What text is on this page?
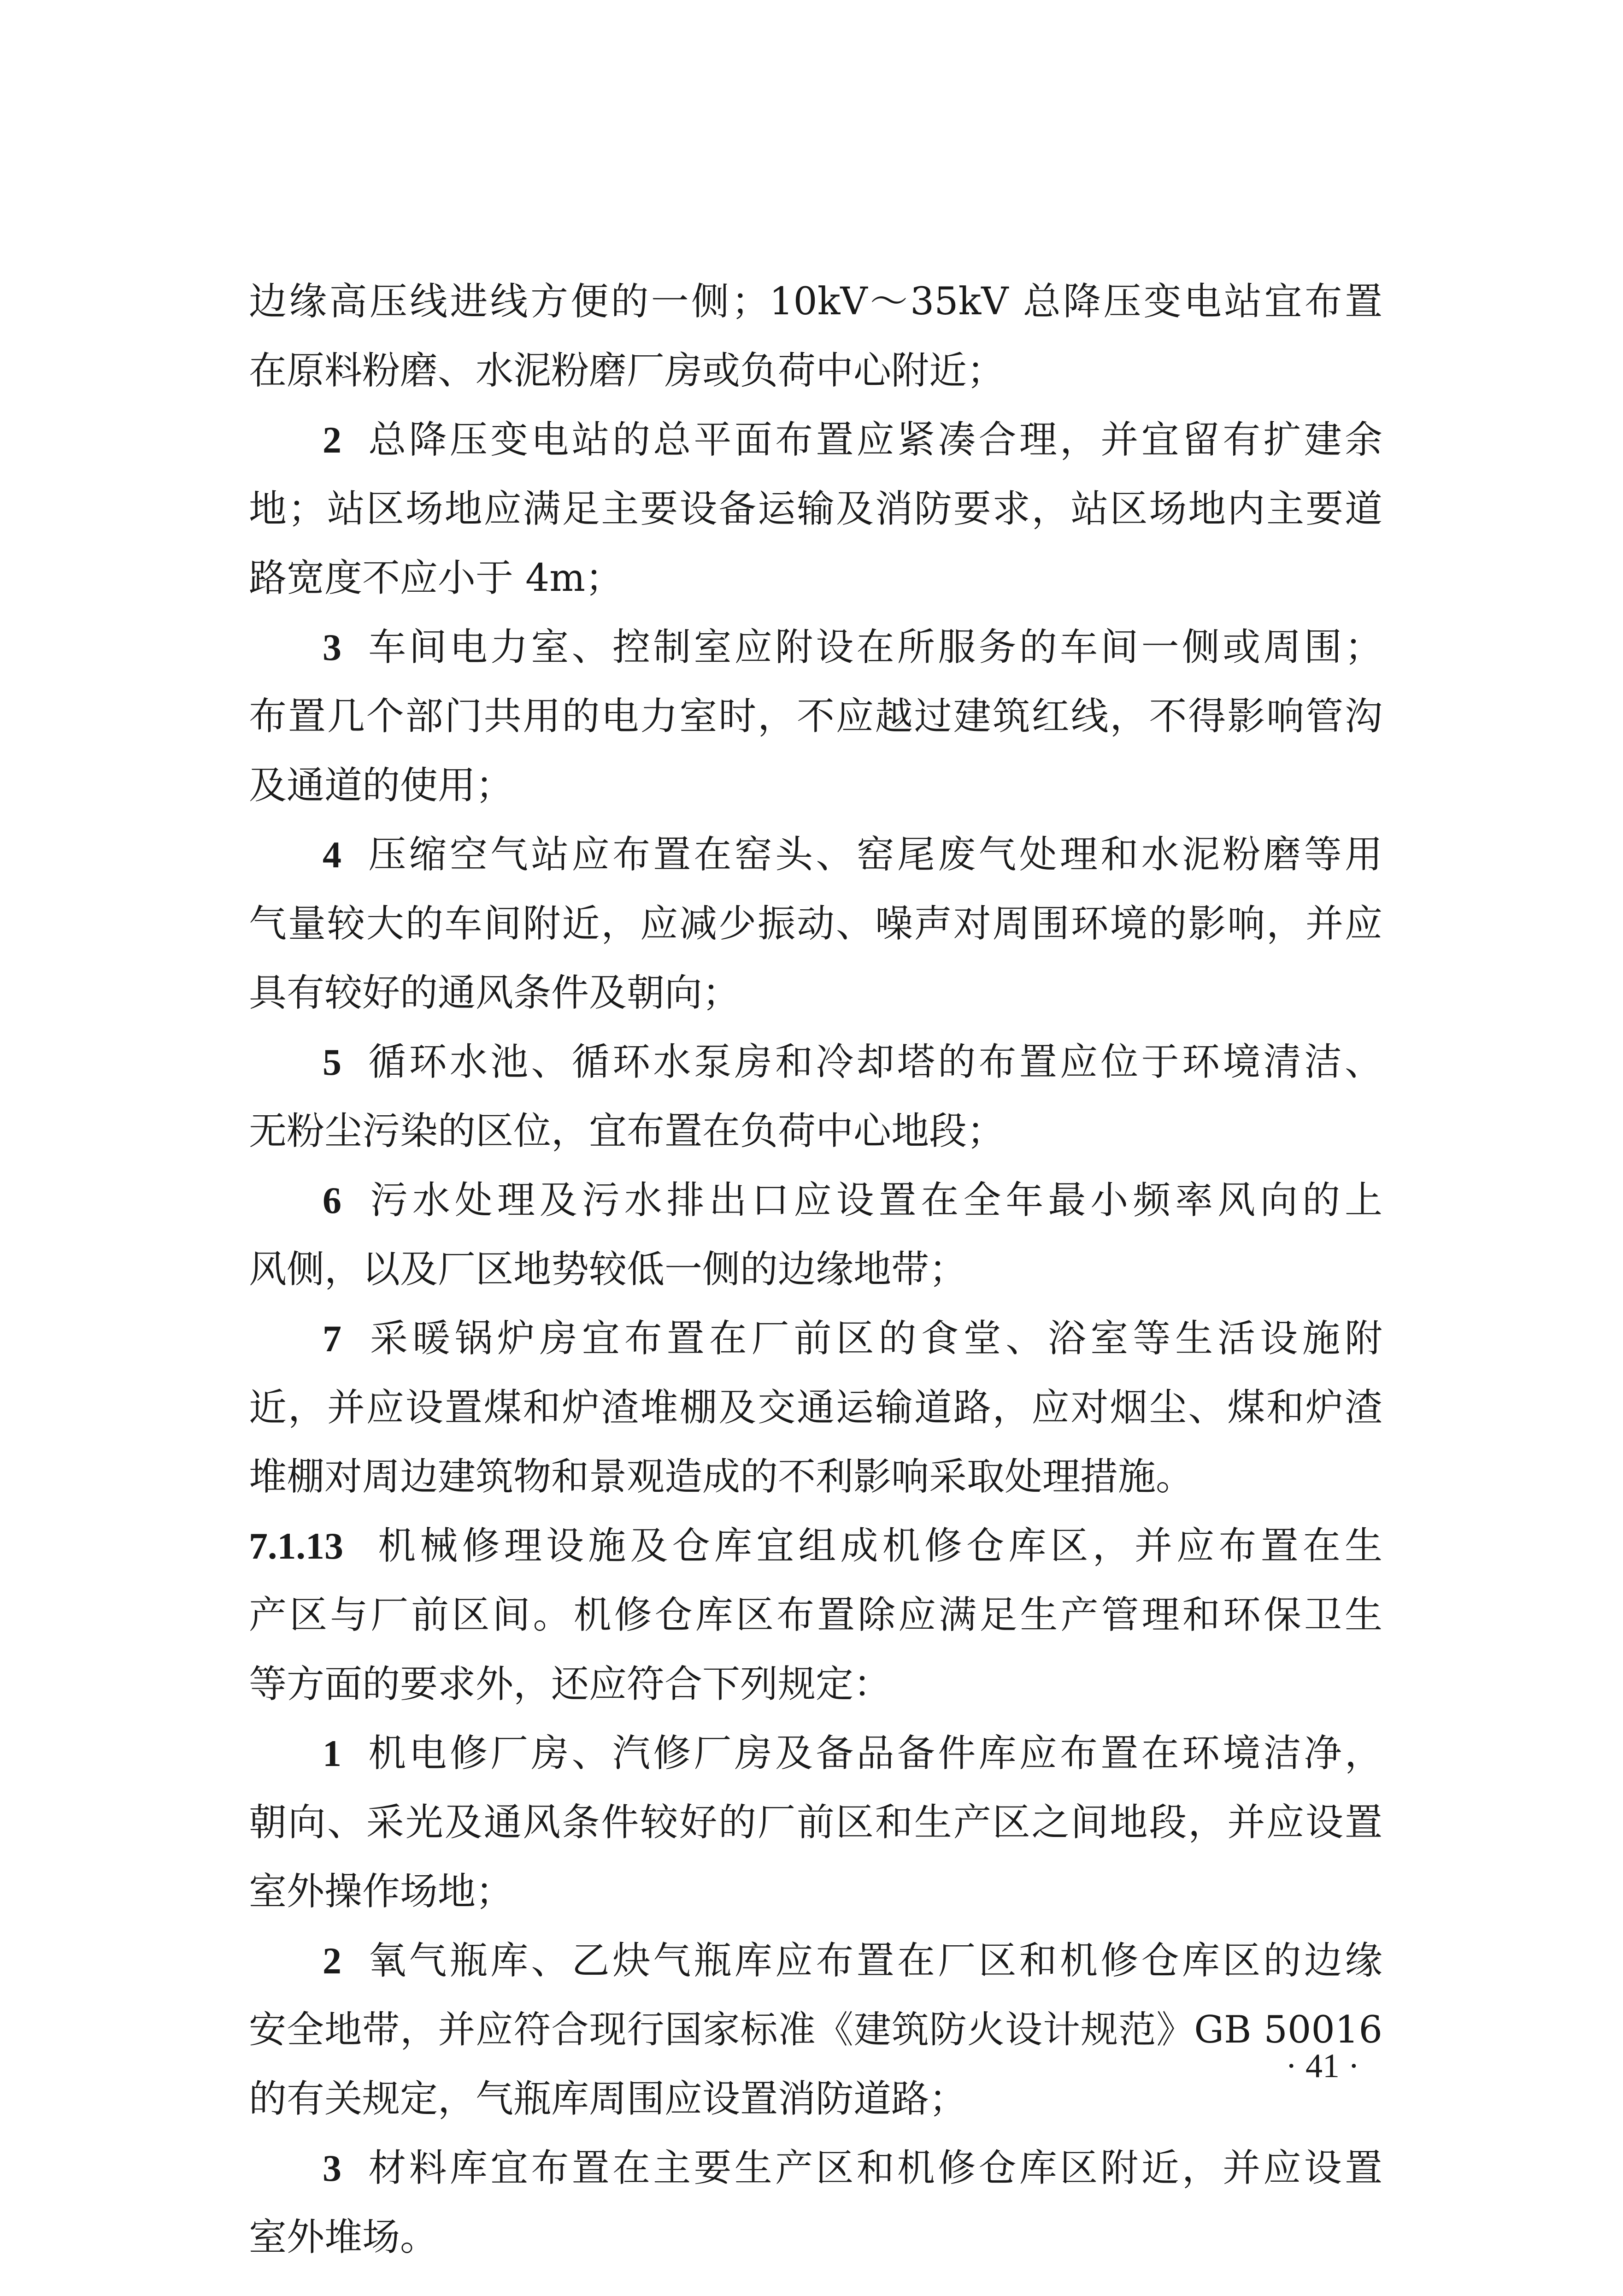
边缘高压线进线方便的一侧；10kV～35kV 总降压变电站宜布置
在原料粉磨、水泥粉磨厂房或负荷中心附近；
2 总降压变电站的总平面布置应紧凑合理，并宜留有扩建余
地；站区场地应满足主要设备运输及消防要求，站区场地内主要道
路宽度不应小于 4m；
3 车间电力室、控制室应附设在所服务的车间一侧或周围；
布置几个部门共用的电力室时，不应越过建筑红线，不得影响管沟
及通道的使用；
4 压缩空气站应布置在窑头、窑尾废气处理和水泥粉磨等用
气量较大的车间附近，应减少振动、噪声对周围环境的影响，并应
具有较好的通风条件及朝向；
5 循环水池、循环水泵房和冷却塔的布置应位于环境清洁、
无粉尘污染的区位，宜布置在负荷中心地段；
6 污水处理及污水排出口应设置在全年最小频率风向的上
风侧，以及厂区地势较低一侧的边缘地带；
7 采暖锅炉房宜布置在厂前区的食堂、浴室等生活设施附
近，并应设置煤和炉渣堆棚及交通运输道路，应对烟尘、煤和炉渣
堆棚对周边建筑物和景观造成的不利影响采取处理措施。
7.1.13 机械修理设施及仓库宜组成机修仓库区，并应布置在生
产区与厂前区间。机修仓库区布置除应满足生产管理和环保卫生
等方面的要求外，还应符合下列规定：
1 机电修厂房、汽修厂房及备品备件库应布置在环境洁净，
朝向、采光及通风条件较好的厂前区和生产区之间地段，并应设置
室外操作场地；
2 氧气瓶库、乙炔气瓶库应布置在厂区和机修仓库区的边缘
安全地带，并应符合现行国家标准《建筑防火设计规范》GB 50016
的有关规定，气瓶库周围应设置消防道路；
3 材料库宜布置在主要生产区和机修仓库区附近，并应设置
室外堆场。
· 41 ·
